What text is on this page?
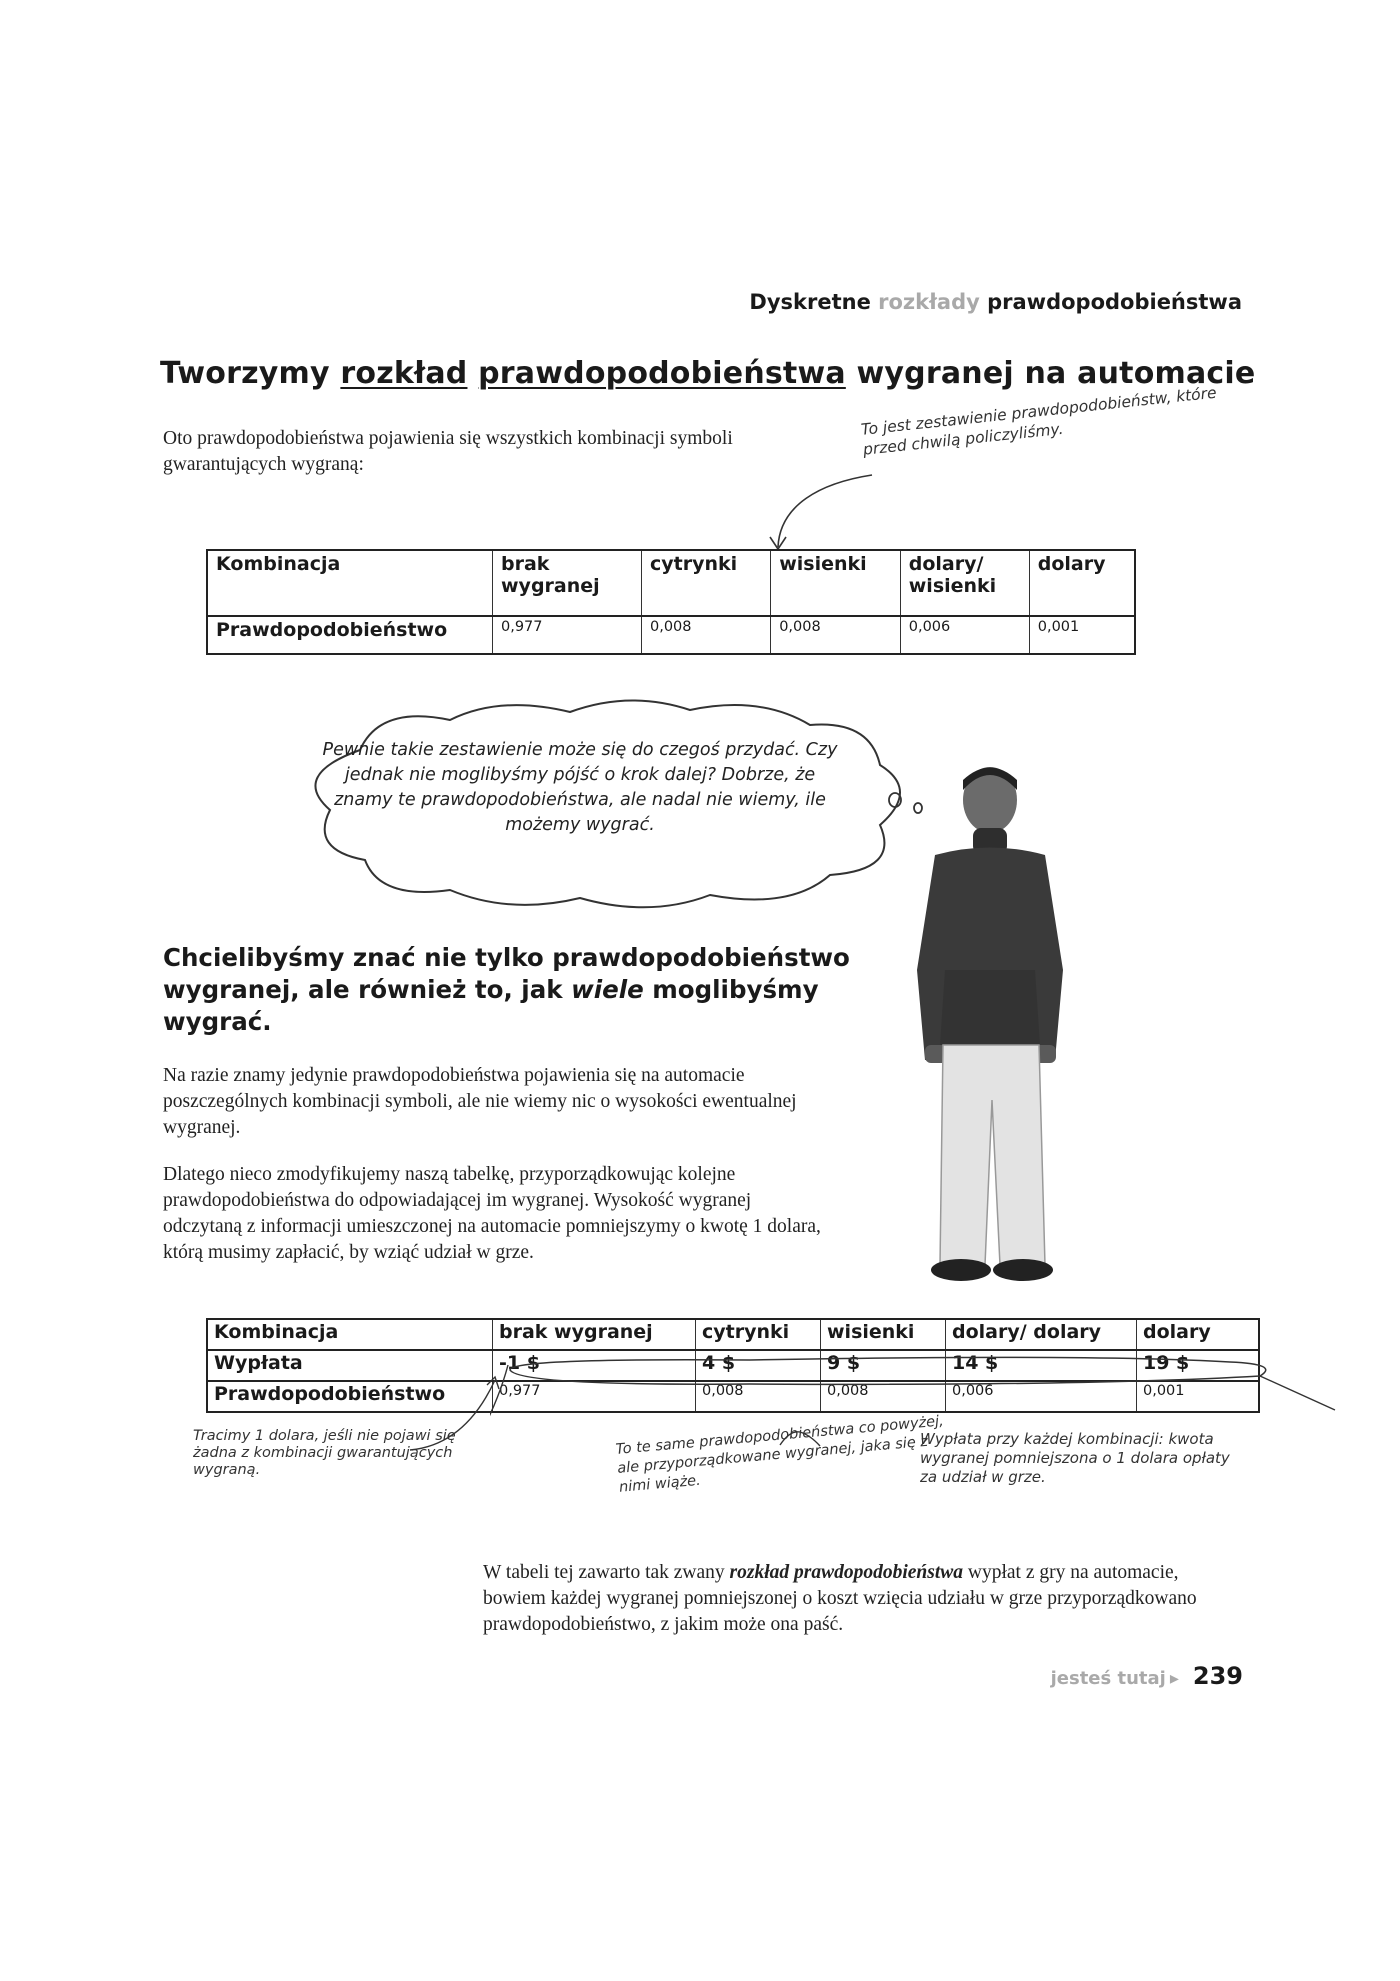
Dyskretne rozkłady prawdopodobieństwa
Tworzymy rozkład prawdopodobieństwa wygranej na automacie
Oto prawdopodobieństwa pojawienia się wszystkich kombinacji symboli gwarantujących wygraną:
To jest zestawienie prawdopodobieństw, które przed chwilą policzyliśmy.
Kombinacja	brak wygranej	cytrynki	wisienki	dolary/ wisienki	dolary
Prawdopodobieństwo	0,977	0,008	0,008	0,006	0,001
Pewnie takie zestawienie może się do czegoś przydać. Czy jednak nie moglibyśmy pójść o krok dalej? Dobrze, że znamy te prawdopodobieństwa, ale nadal nie wiemy, ile możemy wygrać.
Chcielibyśmy znać nie tylko prawdopodobieństwo wygranej, ale również to, jak wiele moglibyśmy wygrać.
Na razie znamy jedynie prawdopodobieństwa pojawienia się na automacie poszczególnych kombinacji symboli, ale nie wiemy nic o wysokości ewentualnej wygranej.
Dlatego nieco zmodyfikujemy naszą tabelkę, przyporządkowując kolejne prawdopodobieństwa do odpowiadającej im wygranej. Wysokość wygranej odczytaną z informacji umieszczonej na automacie pomniejszymy o kwotę 1 dolara, którą musimy zapłacić, by wziąć udział w grze.
Kombinacja	brak wygranej	cytrynki	wisienki	dolary/ dolary	dolary
Wypłata	-1 $	4 $	9 $	14 $	19 $
Prawdopodobieństwo	0,977	0,008	0,008	0,006	0,001
Tracimy 1 dolara, jeśli nie pojawi się żadna z kombinacji gwarantujących wygraną.
To te same prawdopodobieństwa co powyżej, ale przyporządkowane wygranej, jaka się z nimi wiąże.
Wypłata przy każdej kombinacji: kwota wygranej pomniejszona o 1 dolara opłaty za udział w grze.
W tabeli tej zawarto tak zwany rozkład prawdopodobieństwa wypłat z gry na automacie, bowiem każdej wygranej pomniejszonej o koszt wzięcia udziału w grze przyporządkowano prawdopodobieństwo, z jakim może ona paść.
jesteś tutaj ▸ 239
